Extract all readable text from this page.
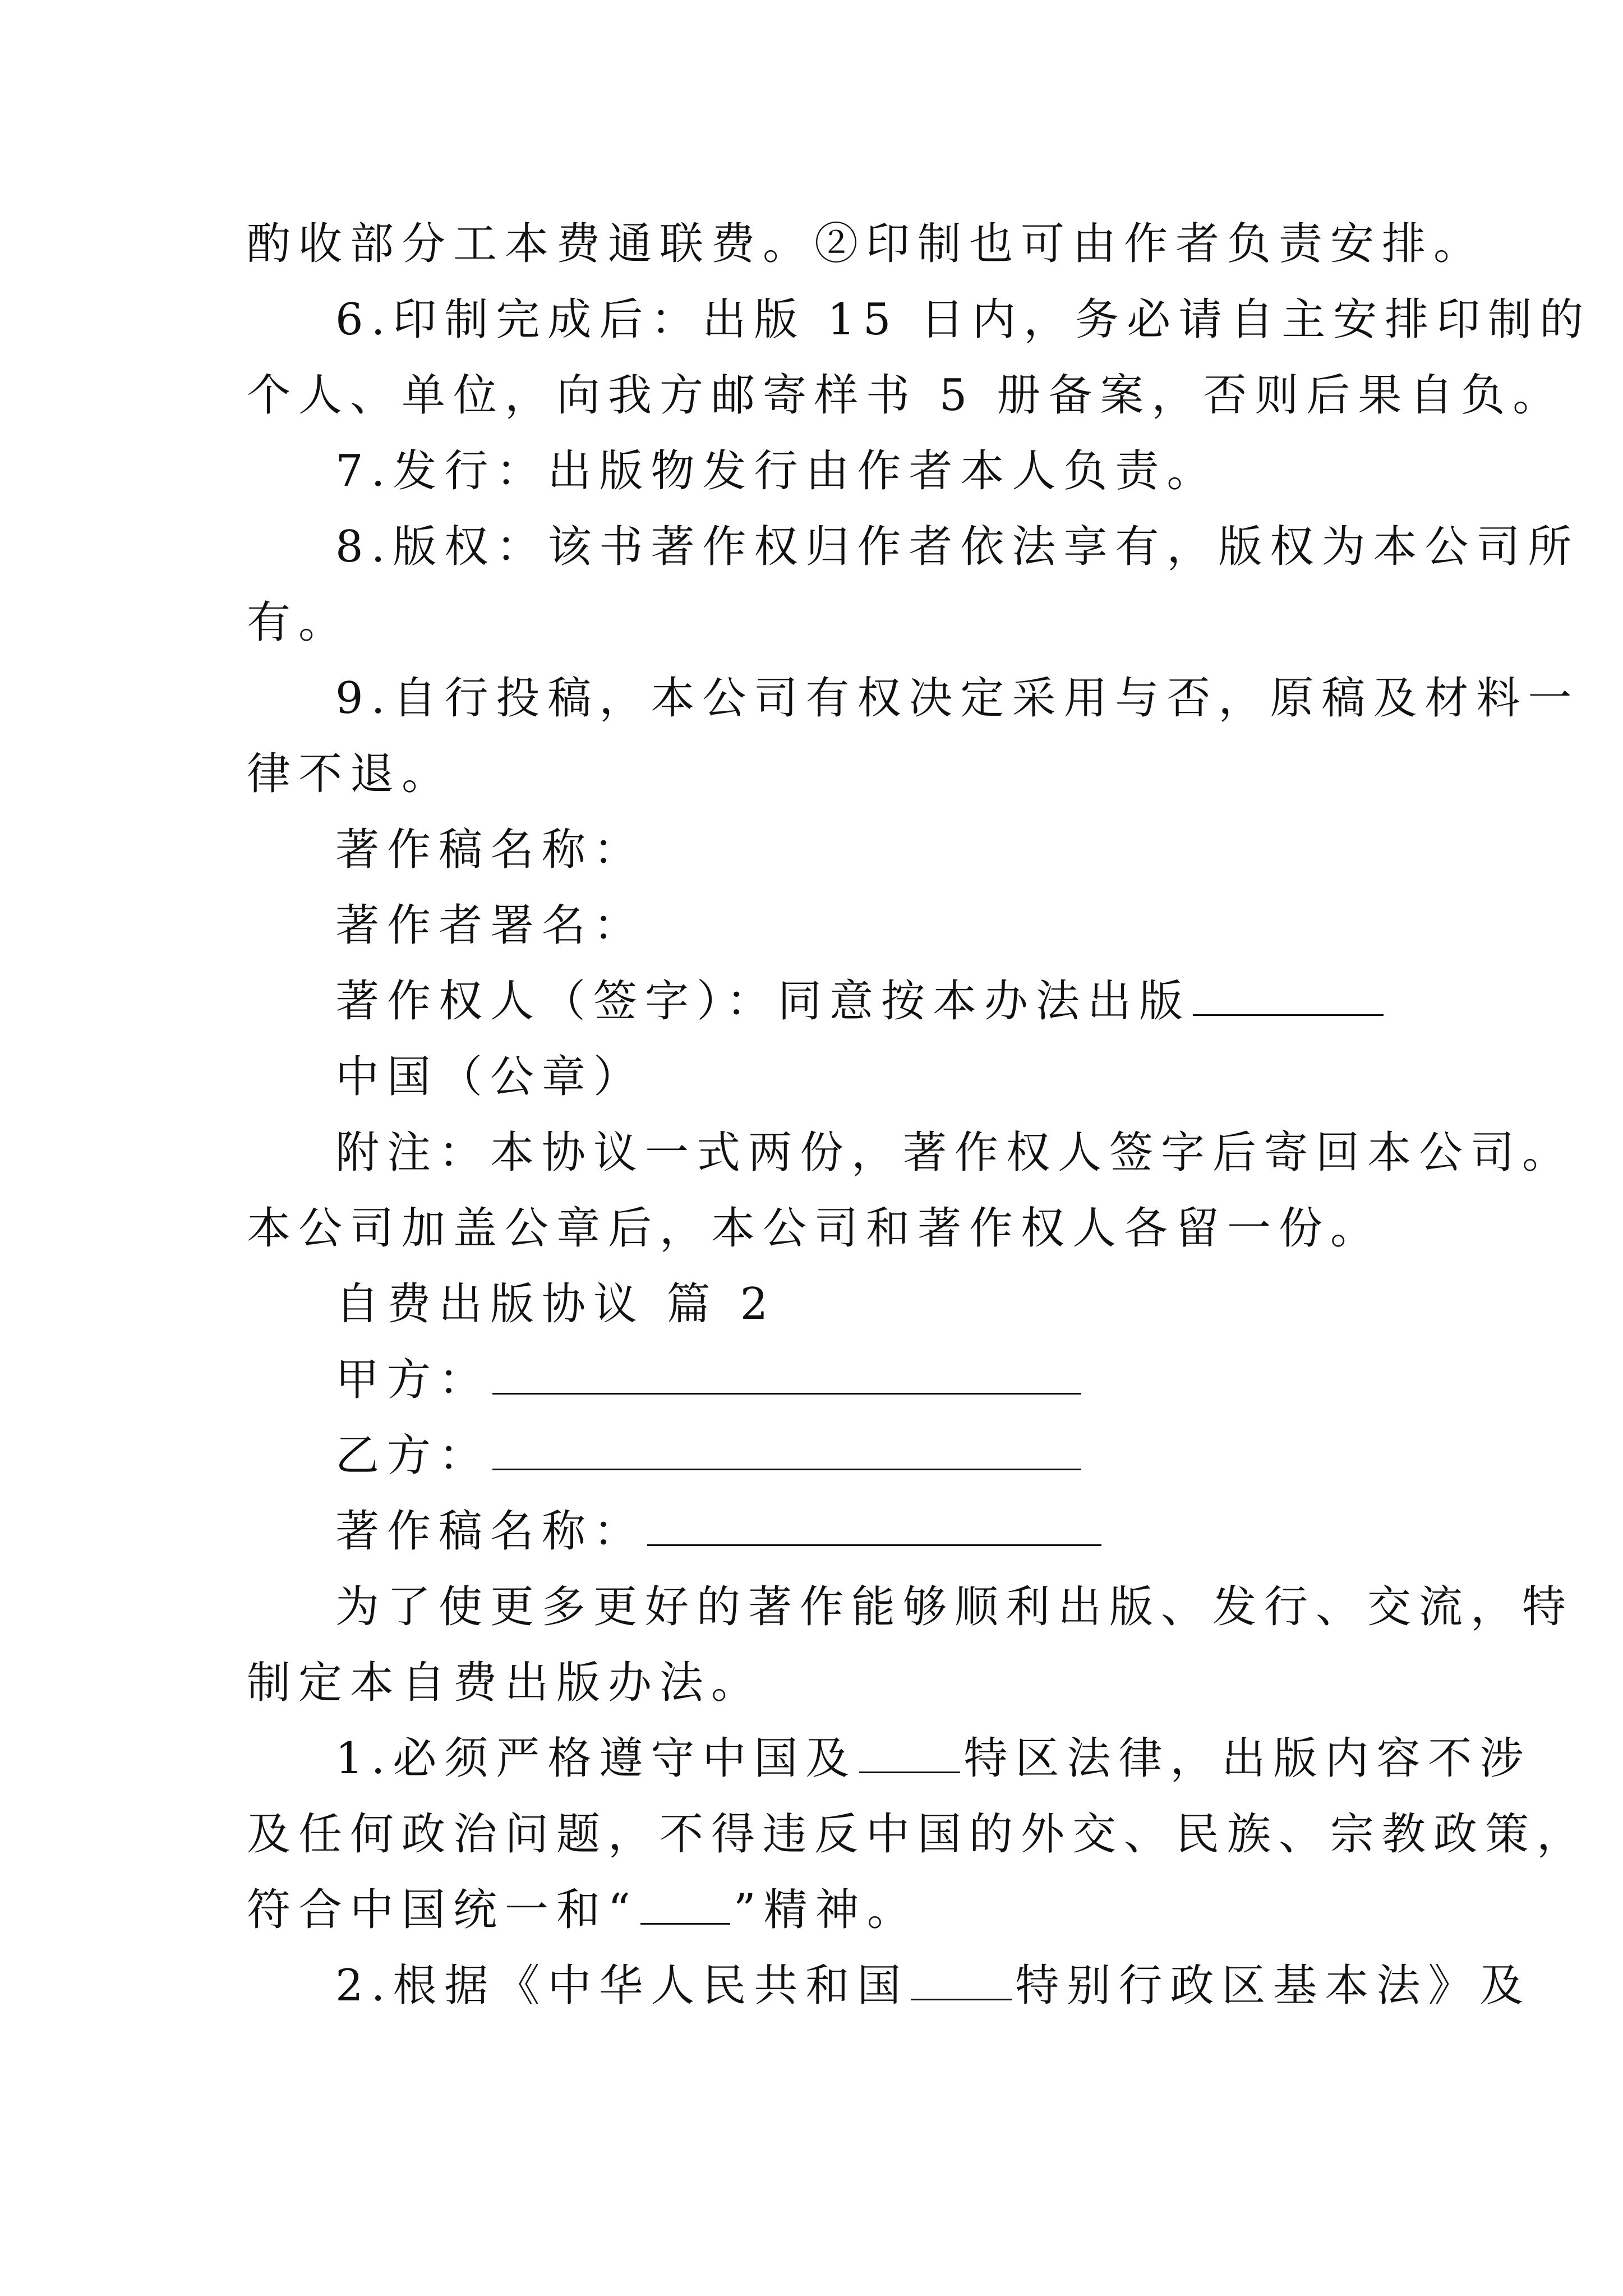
酌收部分工本费通联费。②印制也可由作者负责安排。
6.印制完成后：出版 15 日内，务必请自主安排印制的
个人、单位，向我方邮寄样书 5 册备案，否则后果自负。
7.发行：出版物发行由作者本人负责。
8.版权：该书著作权归作者依法享有，版权为本公司所
有。
9.自行投稿，本公司有权决定采用与否，原稿及材料一
律不退。
著作稿名称：
著作者署名：
著作权人（签字）：同意按本办法出版
中国（公章）
附注：本协议一式两份，著作权人签字后寄回本公司。
本公司加盖公章后，本公司和著作权人各留一份。
自费出版协议 篇 2
甲方：
乙方：
著作稿名称：
为了使更多更好的著作能够顺利出版、发行、交流，特
制定本自费出版办法。
1.必须严格遵守中国及 特区法律，出版内容不涉
及任何政治问题，不得违反中国的外交、民族、宗教政策，
符合中国统一和“ ”精神。
2.根据《中华人民共和国 特别行政区基本法》及
